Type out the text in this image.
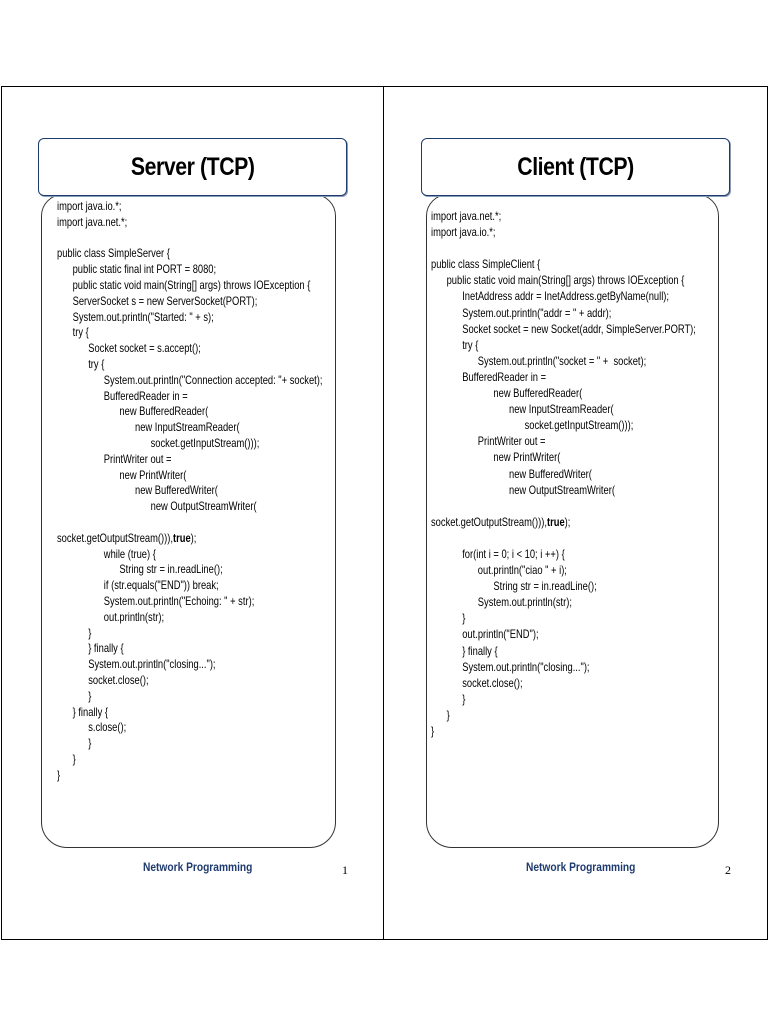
Server (TCP)
import java.io.*;
import java.net.*;

public class SimpleServer {
public static final int PORT = 8080;
public static void main(String[] args) throws IOException {
ServerSocket s = new ServerSocket(PORT);
System.out.println("Started: " + s);
try {
Socket socket = s.accept();
try {
System.out.println("Connection accepted: "+ socket);
BufferedReader in =
new BufferedReader(
new InputStreamReader(
socket.getInputStream()));
PrintWriter out =
new PrintWriter(
new BufferedWriter(
new OutputStreamWriter(

socket.getOutputStream())),true);
while (true) {
String str = in.readLine();
if (str.equals("END")) break;
System.out.println("Echoing: " + str);
out.println(str);
}
} finally {
System.out.println("closing...");
socket.close();
}
} finally {
s.close();
}
}
}
Network Programming	1
Client (TCP)
import java.net.*;
import java.io.*;

public class SimpleClient {
public static void main(String[] args) throws IOException {
InetAddress addr = InetAddress.getByName(null);
System.out.println("addr = " + addr);
Socket socket = new Socket(addr, SimpleServer.PORT);
try {
System.out.println("socket = " +  socket);
BufferedReader in =
new BufferedReader(
new InputStreamReader(
socket.getInputStream()));
PrintWriter out =
new PrintWriter(
new BufferedWriter(
new OutputStreamWriter(

socket.getOutputStream())),true);

for(int i = 0; i < 10; i ++) {
out.println("ciao " + i);
String str = in.readLine();
System.out.println(str);
}
out.println("END");
} finally {
System.out.println("closing...");
socket.close();
}
}
}
Network Programming	2
